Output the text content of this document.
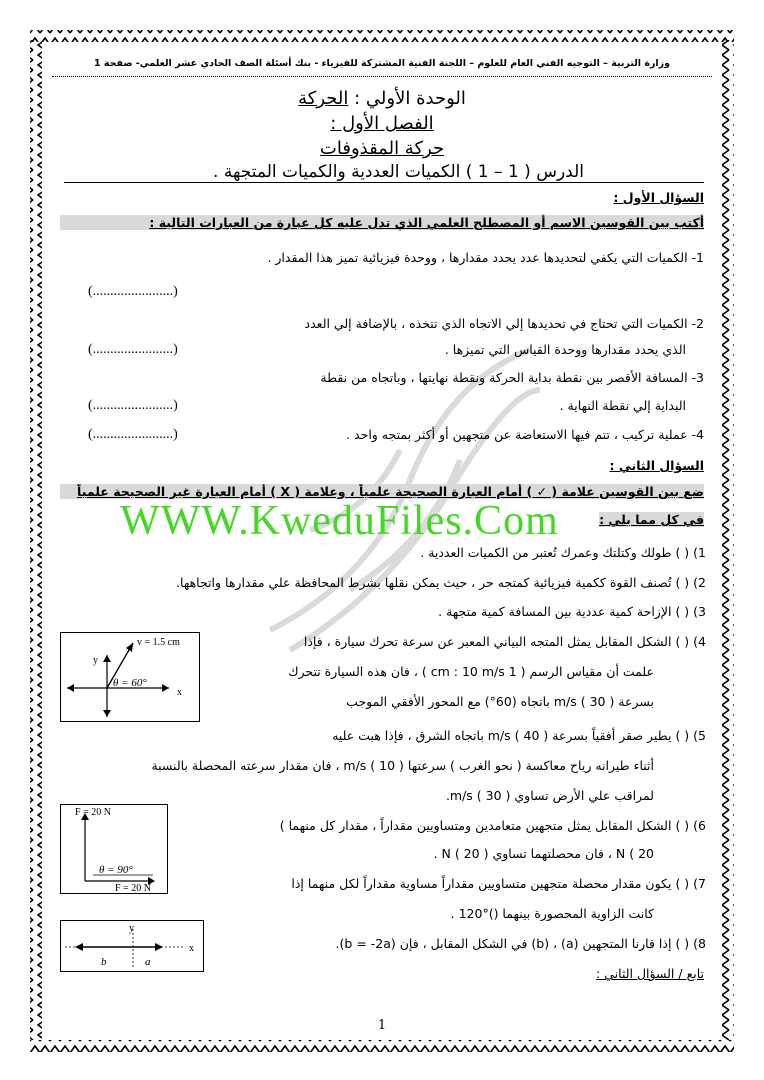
وزارة التربية – التوجيه الفني العام للعلوم – اللجنة الفنية المشتركة للفيزياء - بنك أسئلة الصف الحادي عشر العلمي- صفحة 1
الوحدة الأولي : الحركة
الفصل الأول :
حركة المقذوفات
الدرس ( 1 – 1 ) الكميات العددية والكميات المتجهة .
السؤال الأول :
أكتب بين القوسين الاسم أو المصطلح العلمي الذي تدل عليه كل عبارة من العبارات التالية :
1- الكميات التي يكفي لتحديدها عدد يحدد مقدارها ، ووحدة فيزيائية تميز هذا المقدار .
(.......................)
2- الكميات التي تحتاج في تحديدها إلي الاتجاه الذي تتخذه ، بالإضافة إلي العدد
الذي يحدد مقدارها ووحدة القياس التي تميزها .
(.......................)
3- المسافة الأقصر بين نقطة بداية الحركة ونقطة نهايتها ، وباتجاه من نقطة
البداية إلي نقطة النهاية .
(.......................)
4- عملية تركيب ، تتم فيها الاستعاضة عن متجهين أو أكثر بمتجه واحد .
(.......................)
السؤال الثاني :
ضع بين القوسين علامة ( ✓ ) أمام العبارة الصحيحة علمياً ، وعلامة ( X ) أمام العبارة غير الصحيحة علمياً
في كل مما يلي :
WWW.KweduFiles.Com
1) ( ) طولك وكتلتك وعمرك تُعتبر من الكميات العددية .
2) ( ) تُصنف القوة ككمية فيزيائية كمتجه حر ، حيث يمكن نقلها بشرط المحافظة علي مقدارها واتجاهها.
3) ( ) الإزاحة كمية عددية بين المسافة كمية متجهة .
4) ( ) الشكل المقابل يمثل المتجه البياني المعبر عن سرعة تحرك سيارة ، فإذا
علمت أن مقياس الرسم ( 1 cm : 10 m/s ) ، فان هذه السيارة تتحرك
بسرعة ( 30 ) m/s باتجاه (60°) مع المحور الأفقي الموجب
v = 1.5 cm
y
x
θ = 60°
5) ( ) يطير صقر أفقياً بسرعة ( 40 ) m/s باتجاه الشرق ، فإذا هبت عليه
أثناء طيرانه رياح معاكسة ( نحو الغرب ) سرعتها ( 10 ) m/s ، فان مقدار سرعته المحصلة بالنسبة
لمراقب علي الأرض تساوي ( 30 ) m/s.
F = 20 N
F = 20 N
θ = 90°
6) ( ) الشكل المقابل يمثل متجهين متعامدين ومتساويين مقداراً ، مقدار كل منهما )
N ( 20 ، فان محصلتهما تساوي N ( 20 ) .
7) ( ) يكون مقدار محصلة متجهين متساويين مقداراً مساوية مقداراً لكل منهما إذا
كانت الزاوية المحصورة بينهما ()°120 .
y
x
b	a
8) ( ) إذا قارنا المتجهين (a) ، (b) في الشكل المقابل ، فإن (b = -2a).
تابع / السؤال الثاني :
1
